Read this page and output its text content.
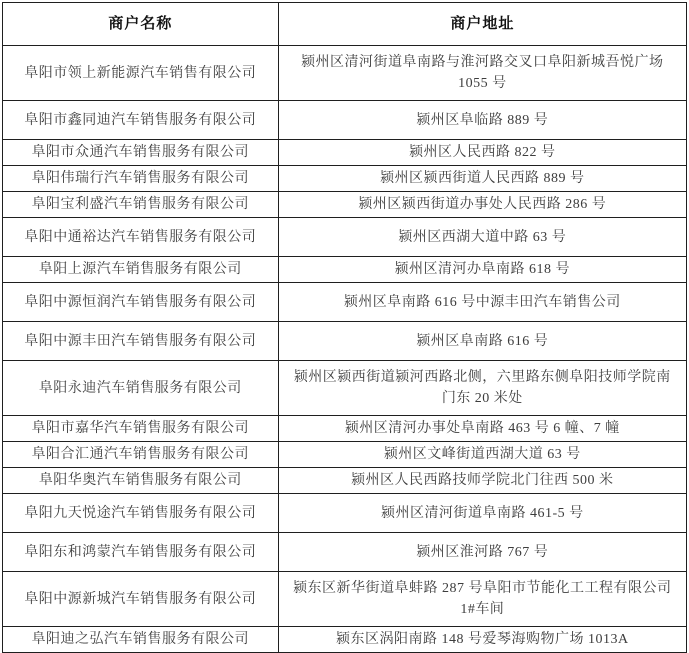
商户名称	商户地址
阜阳市领上新能源汽车销售有限公司	颍州区清河街道阜南路与淮河路交叉口阜阳新城吾悦广场 1055 号
阜阳市鑫同迪汽车销售服务有限公司	颍州区阜临路 889 号
阜阳市众通汽车销售服务有限公司	颍州区人民西路 822 号
阜阳伟瑞行汽车销售服务有限公司	颍州区颍西街道人民西路 889 号
阜阳宝利盛汽车销售服务有限公司	颍州区颍西街道办事处人民西路 286 号
阜阳中通裕达汽车销售服务有限公司	颍州区西湖大道中路 63 号
阜阳上源汽车销售服务有限公司	颍州区清河办阜南路 618 号
阜阳中源恒润汽车销售服务有限公司	颍州区阜南路 616 号中源丰田汽车销售公司
阜阳中源丰田汽车销售服务有限公司	颍州区阜南路 616 号
阜阳永迪汽车销售服务有限公司	颍州区颍西街道颍河西路北侧，六里路东侧阜阳技师学院南门东 20 米处
阜阳市嘉华汽车销售服务有限公司	颍州区清河办事处阜南路 463 号 6 幢、7 幢
阜阳合汇通汽车销售服务有限公司	颍州区文峰街道西湖大道 63 号
阜阳华奥汽车销售服务有限公司	颍州区人民西路技师学院北门往西 500 米
阜阳九天悦途汽车销售服务有限公司	颍州区清河街道阜南路 461-5 号
阜阳东和鸿蒙汽车销售服务有限公司	颍州区淮河路 767 号
阜阳中源新城汽车销售服务有限公司	颍东区新华街道阜蚌路 287 号阜阳市节能化工工程有限公司 1#车间
阜阳迪之弘汽车销售服务有限公司	颍东区涡阳南路 148 号爱琴海购物广场 1013A
